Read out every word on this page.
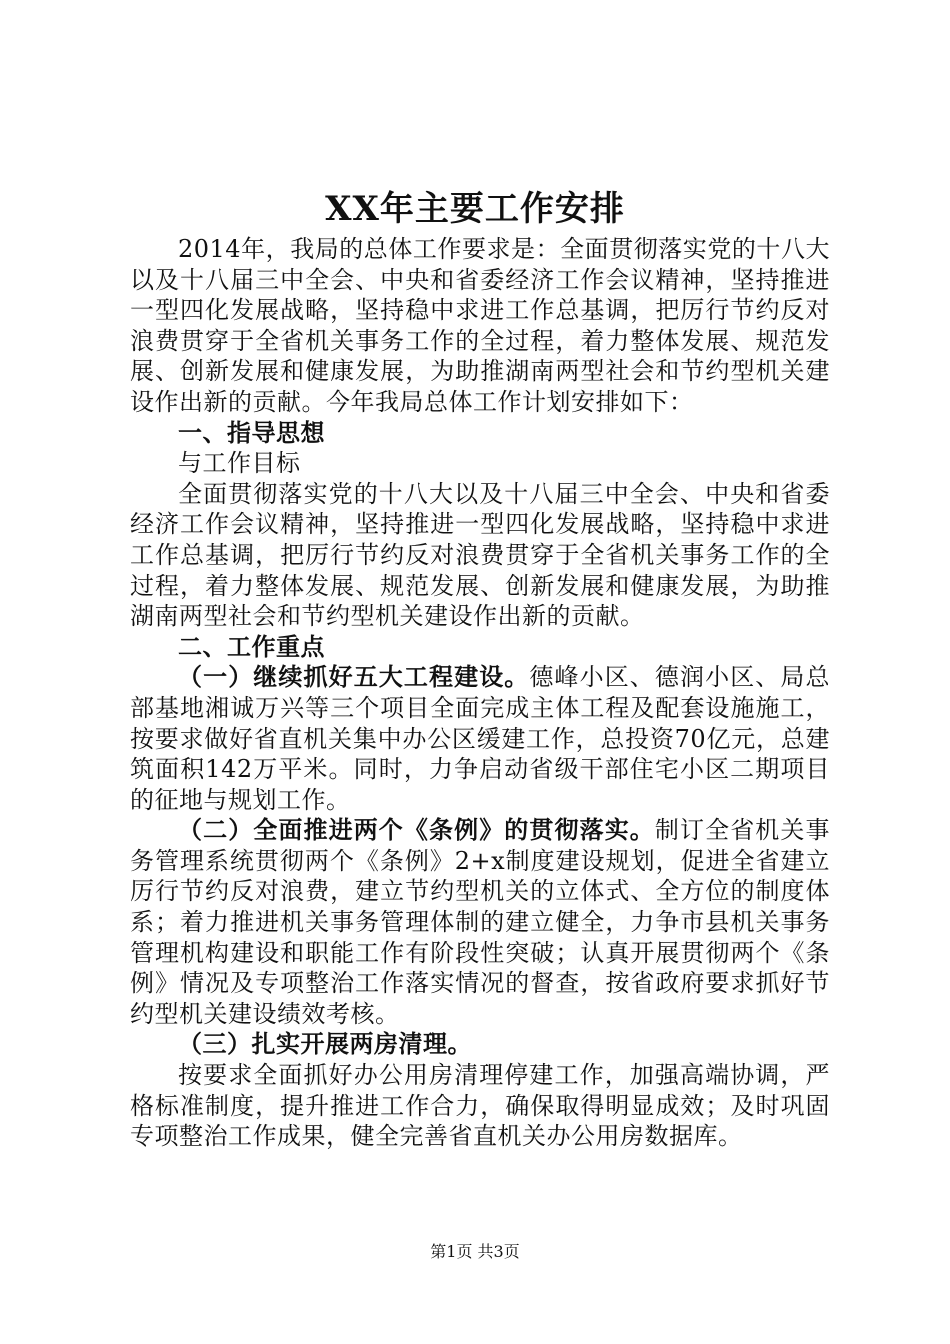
XX年主要工作安排

2014年，我局的总体工作要求是：全面贯彻落实党的十八大以及十八届三中全会、中央和省委经济工作会议精神，坚持推进一型四化发展战略，坚持稳中求进工作总基调，把厉行节约反对浪费贯穿于全省机关事务工作的全过程，着力整体发展、规范发展、创新发展和健康发展，为助推湖南两型社会和节约型机关建设作出新的贡献。今年我局总体工作计划安排如下：

一、指导思想

与工作目标

全面贯彻落实党的十八大以及十八届三中全会、中央和省委经济工作会议精神，坚持推进一型四化发展战略，坚持稳中求进工作总基调，把厉行节约反对浪费贯穿于全省机关事务工作的全过程，着力整体发展、规范发展、创新发展和健康发展，为助推湖南两型社会和节约型机关建设作出新的贡献。

二、工作重点

（一）继续抓好五大工程建设。德峰小区、德润小区、局总部基地湘诚万兴等三个项目全面完成主体工程及配套设施施工，按要求做好省直机关集中办公区缓建工作，总投资70亿元，总建筑面积142万平米。同时，力争启动省级干部住宅小区二期项目的征地与规划工作。

（二）全面推进两个《条例》的贯彻落实。制订全省机关事务管理系统贯彻两个《条例》2+x制度建设规划，促进全省建立厉行节约反对浪费，建立节约型机关的立体式、全方位的制度体系；着力推进机关事务管理体制的建立健全，力争市县机关事务管理机构建设和职能工作有阶段性突破；认真开展贯彻两个《条例》情况及专项整治工作落实情况的督查，按省政府要求抓好节约型机关建设绩效考核。

（三）扎实开展两房清理。

按要求全面抓好办公用房清理停建工作，加强高端协调，严格标准制度，提升推进工作合力，确保取得明显成效；及时巩固专项整治工作成果，健全完善省直机关办公用房数据库。

第1页 共3页
